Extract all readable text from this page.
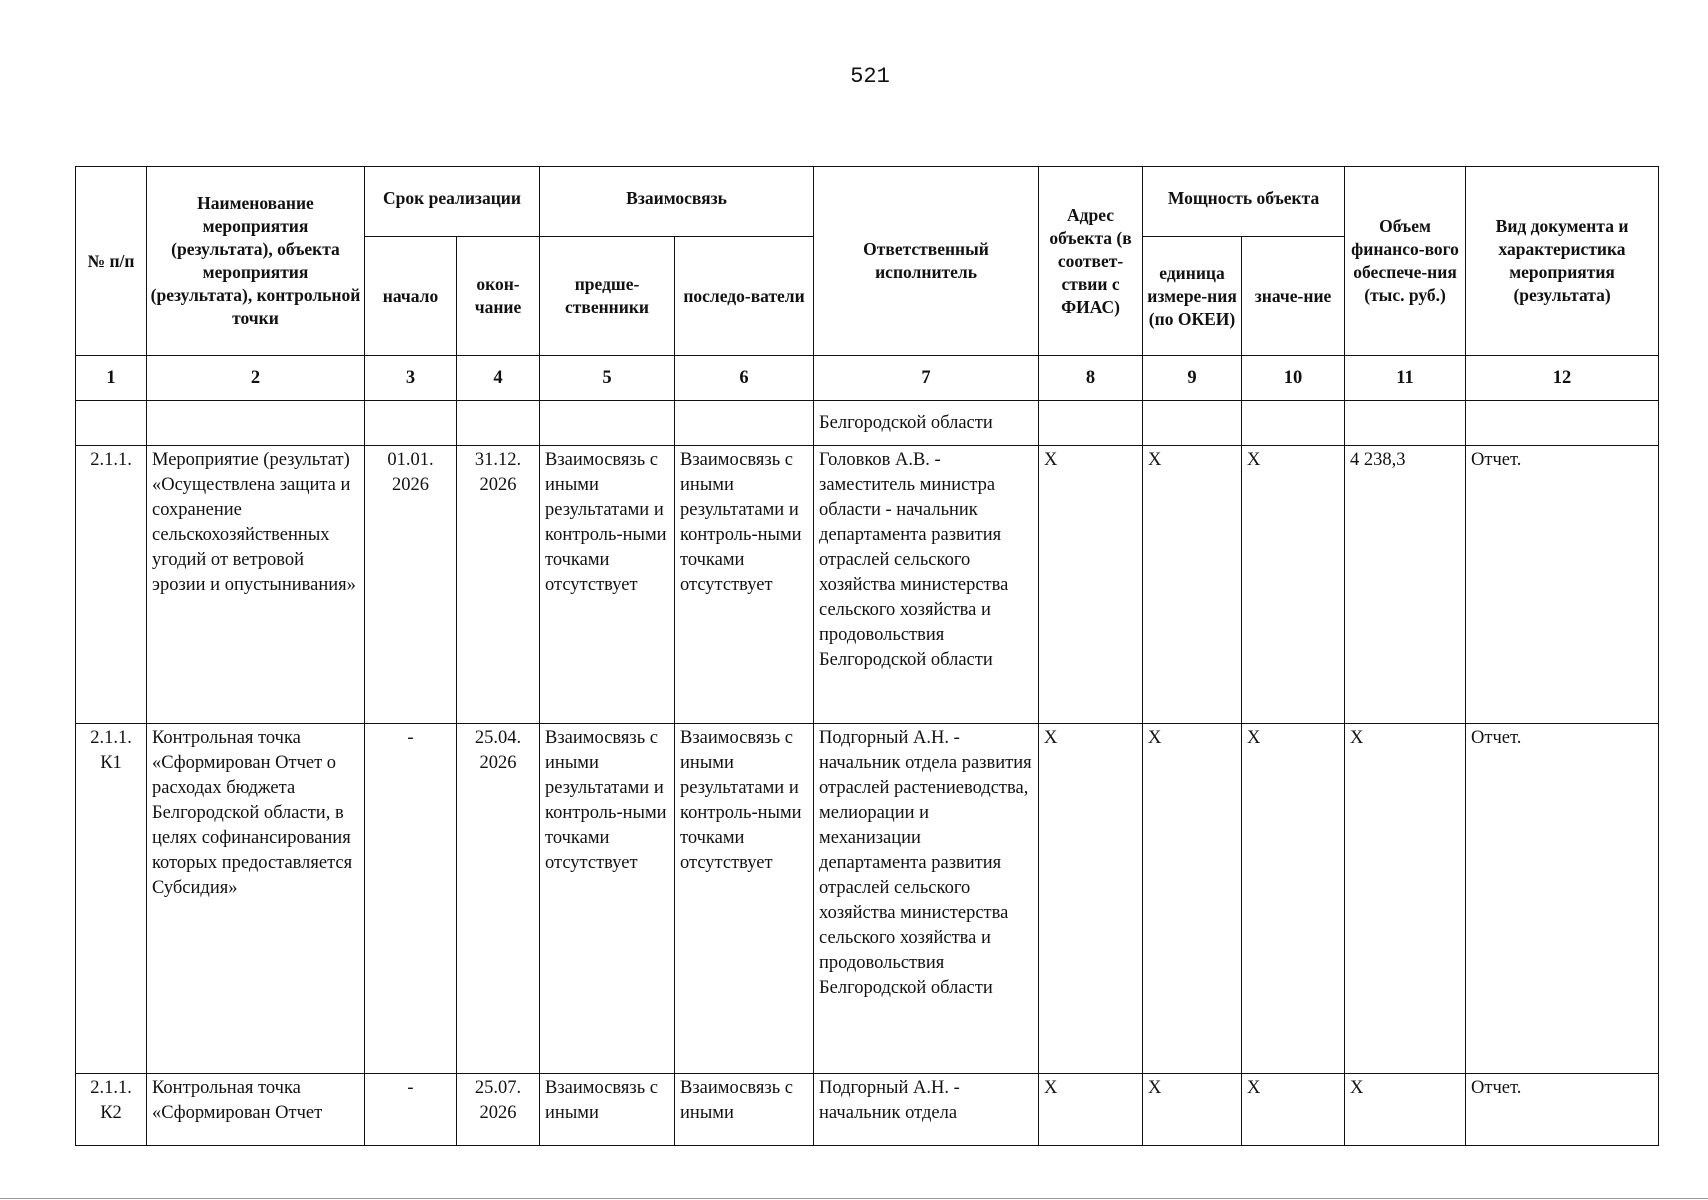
521
№ п/п	Наименование мероприятия (результата), объекта мероприятия (результата), контрольной точки	Срок реализации		Взаимосвязь		Ответственный исполнитель	Адрес объекта (в соответ-ствии с ФИАС)	Мощность объекта		Объем финансо-вого обеспече-ния (тыс. руб.)	Вид документа и характеристика мероприятия (результата)
		начало	окон-чание	предше-ственники	последо-ватели			единица измере-ния (по ОКЕИ)	значе-ние		
1	2	3	4	5	6	7	8	9	10	11	12
						Белгородской области					
2.1.1.	Мероприятие (результат) «Осуществлена защита и сохранение сельскохозяйственных угодий от ветровой эрозии и опустынивания»	01.01. 2026	31.12. 2026	Взаимосвязь с иными результатами и контроль-ными точками отсутствует	Взаимосвязь с иными результатами и контроль-ными точками отсутствует	Головков А.В. - заместитель министра области - начальник департамента развития отраслей сельского хозяйства министерства сельского хозяйства и продовольствия Белгородской области	X	X	X	4 238,3	Отчет.
2.1.1. К1	Контрольная точка «Сформирован Отчет о расходах бюджета Белгородской области, в целях софинансирования которых предоставляется Субсидия»	-	25.04. 2026	Взаимосвязь с иными результатами и контроль-ными точками отсутствует	Взаимосвязь с иными результатами и контроль-ными точками отсутствует	Подгорный А.Н. - начальник отдела развития отраслей растениеводства, мелиорации и механизации департамента развития отраслей сельского хозяйства министерства сельского хозяйства и продовольствия Белгородской области	X	X	X	X	Отчет.
2.1.1. К2	Контрольная точка «Сформирован Отчет	-	25.07. 2026	Взаимосвязь с иными	Взаимосвязь с иными	Подгорный А.Н. - начальник отдела	X	X	X	X	Отчет.
